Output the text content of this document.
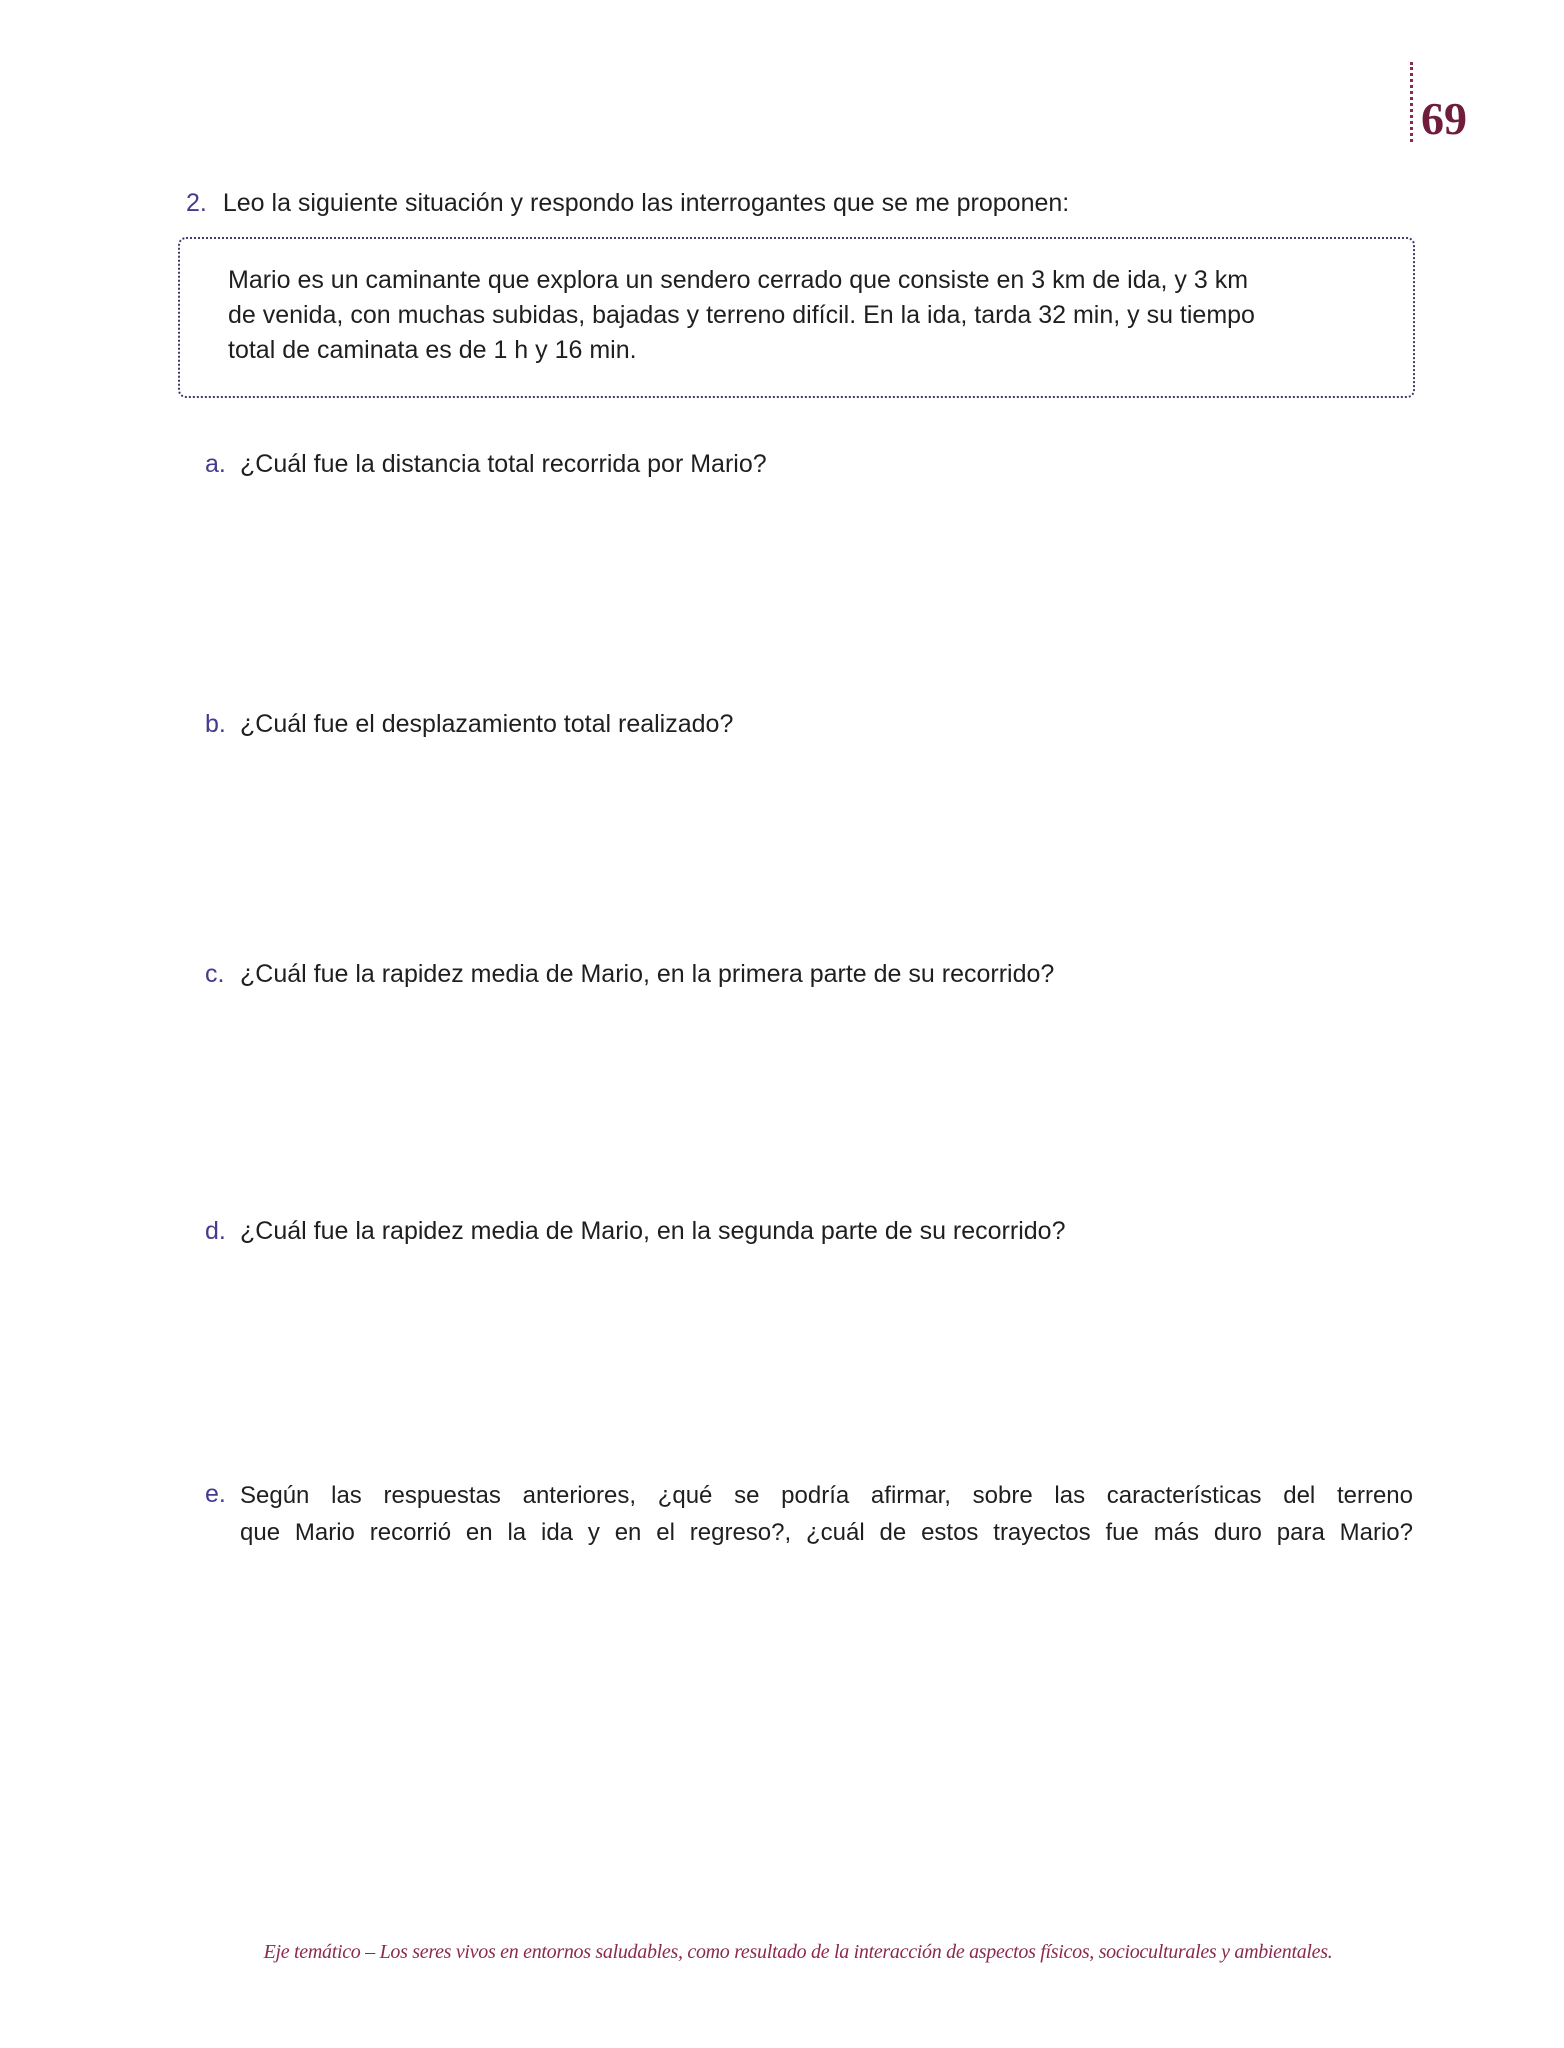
69
2. Leo la siguiente situación y respondo las interrogantes que se me proponen:
Mario es un caminante que explora un sendero cerrado que consiste en 3 km de ida, y 3 km
de venida, con muchas subidas, bajadas y terreno difícil. En la ida, tarda 32 min, y su tiempo
total de caminata es de 1 h y 16 min.
a. ¿Cuál fue la distancia total recorrida por Mario?
b. ¿Cuál fue el desplazamiento total realizado?
c. ¿Cuál fue la rapidez media de Mario, en la primera parte de su recorrido?
d. ¿Cuál fue la rapidez media de Mario, en la segunda parte de su recorrido?
e. Según las respuestas anteriores, ¿qué se podría afirmar, sobre las características del terreno
que Mario recorrió en la ida y en el regreso?, ¿cuál de estos trayectos fue más duro para Mario?
Eje temático – Los seres vivos en entornos saludables, como resultado de la interacción de aspectos físicos, socioculturales y ambientales.
